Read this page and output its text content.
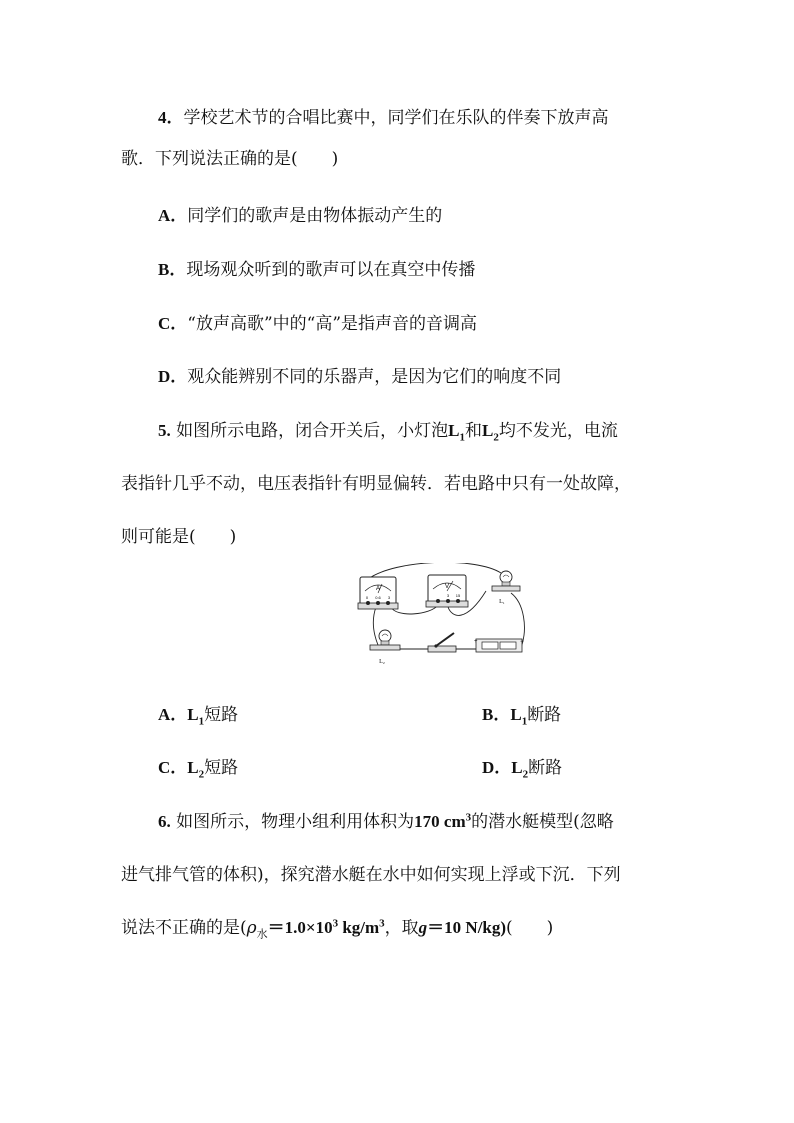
4．学校艺术节的合唱比赛中，同学们在乐队的伴奏下放声高
歌．下列说法正确的是(　　)
A．同学们的歌声是由物体振动产生的
B．现场观众听到的歌声可以在真空中传播
C．“放声高歌”中的“高”是指声音的音调高
D．观众能辨别不同的乐器声，是因为它们的响度不同
5. 如图所示电路，闭合开关后，小灯泡$L_1$和$L_2$均不发光，电流
表指针几乎不动，电压表指针有明显偏转．若电路中只有一处故障，
则可能是(　　)
A
0 0.6 3
V
3 15
L₁
L₂
+	−
A．$L_1$短路	B．$L_1$断路
C．$L_2$短路	D．$L_2$断路
6. 如图所示，物理小组利用体积为170 $cm^3$的潜水艇模型(忽略
进气排气管的体积)，探究潜水艇在水中如何实现上浮或下沉．下列
说法不正确的是($\rho_水=1.0\times 10^3$ $kg/m^3$，取g＝10 N/kg)(　　)
